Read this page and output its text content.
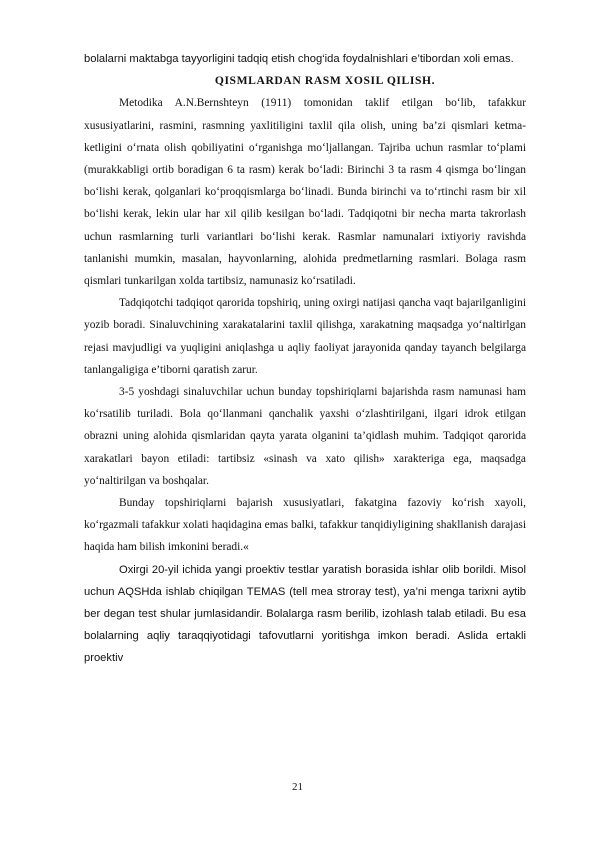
bolalarni maktabga tayyorligini tadqiq etish chog‘ida foydalnishlari e’tibordan xoli emas.

QISMLARDAN RASM XOSIL QILISH.

Metodika A.N.Bernshteyn (1911) tomonidan taklif etilgan bo‘lib, tafakkur xususiyatlarini, rasmini, rasmning yaxlitiligini taxlil qila olish, uning ba’zi qismlari ketma-ketligini o‘rnata olish qobiliyatini o‘rganishga mo‘ljallangan. Tajriba uchun rasmlar to‘plami (murakkabligi ortib boradigan 6 ta rasm) kerak bo‘ladi: Birinchi 3 ta rasm 4 qismga bo‘lingan bo‘lishi kerak, qolganlari ko‘proqqismlarga bo‘linadi. Bunda birinchi va to‘rtinchi rasm bir xil bo‘lishi kerak, lekin ular har xil qilib kesilgan bo‘ladi. Tadqiqotni bir necha marta takrorlash uchun rasmlarning turli variantlari bo‘lishi kerak. Rasmlar namunalari ixtiyoriy ravishda tanlanishi mumkin, masalan, hayvonlarning, alohida predmetlarning rasmlari. Bolaga rasm qismlari tunkarilgan xolda tartibsiz, namunasiz ko‘rsatiladi.

Tadqiqotchi tadqiqot qarorida topshiriq, uning oxirgi natijasi qancha vaqt bajarilganligini yozib boradi. Sinaluvchining xarakatalarini taxlil qilishga, xarakatning maqsadga yo‘naltirlgan rejasi mavjudligi va yuqligini aniqlashga u aqliy faoliyat jarayonida qanday tayanch belgilarga tanlangaligiga e’tiborni qaratish zarur.

3-5 yoshdagi sinaluvchilar uchun bunday topshiriqlarni bajarishda rasm namunasi ham ko‘rsatilib turiladi. Bola qo‘llanmani qanchalik yaxshi o‘zlashtirilgani, ilgari idrok etilgan obrazni uning alohida qismlaridan qayta yarata olganini ta’qidlash muhim. Tadqiqot qarorida xarakatlari bayon etiladi: tartibsiz «sinash va xato qilish» xarakteriga ega, maqsadga yo‘naltirilgan va boshqalar.

Bunday topshiriqlarni bajarish xususiyatlari, fakatgina fazoviy ko‘rish xayoli, ko‘rgazmali tafakkur xolati haqidagina emas balki, tafakkur tanqidiyligining shakllanish darajasi haqida ham bilish imkonini beradi.«

Oxirgi 20-yil ichida yangi proektiv testlar yaratish borasida ishlar olib borildi. Misol uchun AQSHda ishlab chiqilgan TEMAS (tell mea stroray test), ya’ni menga tarixni aytib ber degan test shular jumlasidandir. Bolalarga rasm berilib, izohlash talab etiladi. Bu esa bolalarning aqliy taraqqiyotidagi tafovutlarni yoritishga imkon beradi. Aslida ertakli proektiv

21
